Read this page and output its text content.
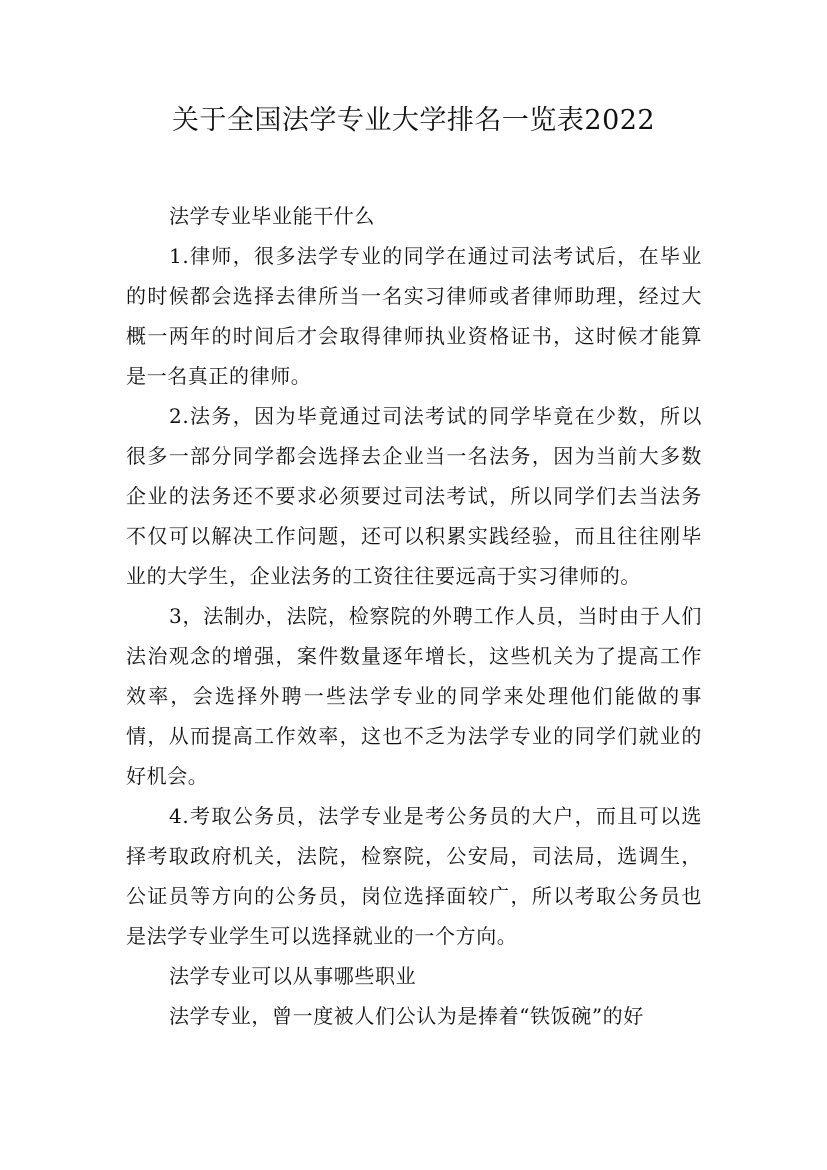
关于全国法学专业大学排名一览表2022

法学专业毕业能干什么

1.律师，很多法学专业的同学在通过司法考试后，在毕业的时候都会选择去律所当一名实习律师或者律师助理，经过大概一两年的时间后才会取得律师执业资格证书，这时候才能算是一名真正的律师。

2.法务，因为毕竟通过司法考试的同学毕竟在少数，所以很多一部分同学都会选择去企业当一名法务，因为当前大多数企业的法务还不要求必须要过司法考试，所以同学们去当法务不仅可以解决工作问题，还可以积累实践经验，而且往往刚毕业的大学生，企业法务的工资往往要远高于实习律师的。

3，法制办，法院，检察院的外聘工作人员，当时由于人们法治观念的增强，案件数量逐年增长，这些机关为了提高工作效率，会选择外聘一些法学专业的同学来处理他们能做的事情，从而提高工作效率，这也不乏为法学专业的同学们就业的好机会。

4.考取公务员，法学专业是考公务员的大户，而且可以选择考取政府机关，法院，检察院，公安局，司法局，选调生，公证员等方向的公务员，岗位选择面较广，所以考取公务员也是法学专业学生可以选择就业的一个方向。

法学专业可以从事哪些职业

法学专业，曾一度被人们公认为是捧着“铁饭碗”的好
